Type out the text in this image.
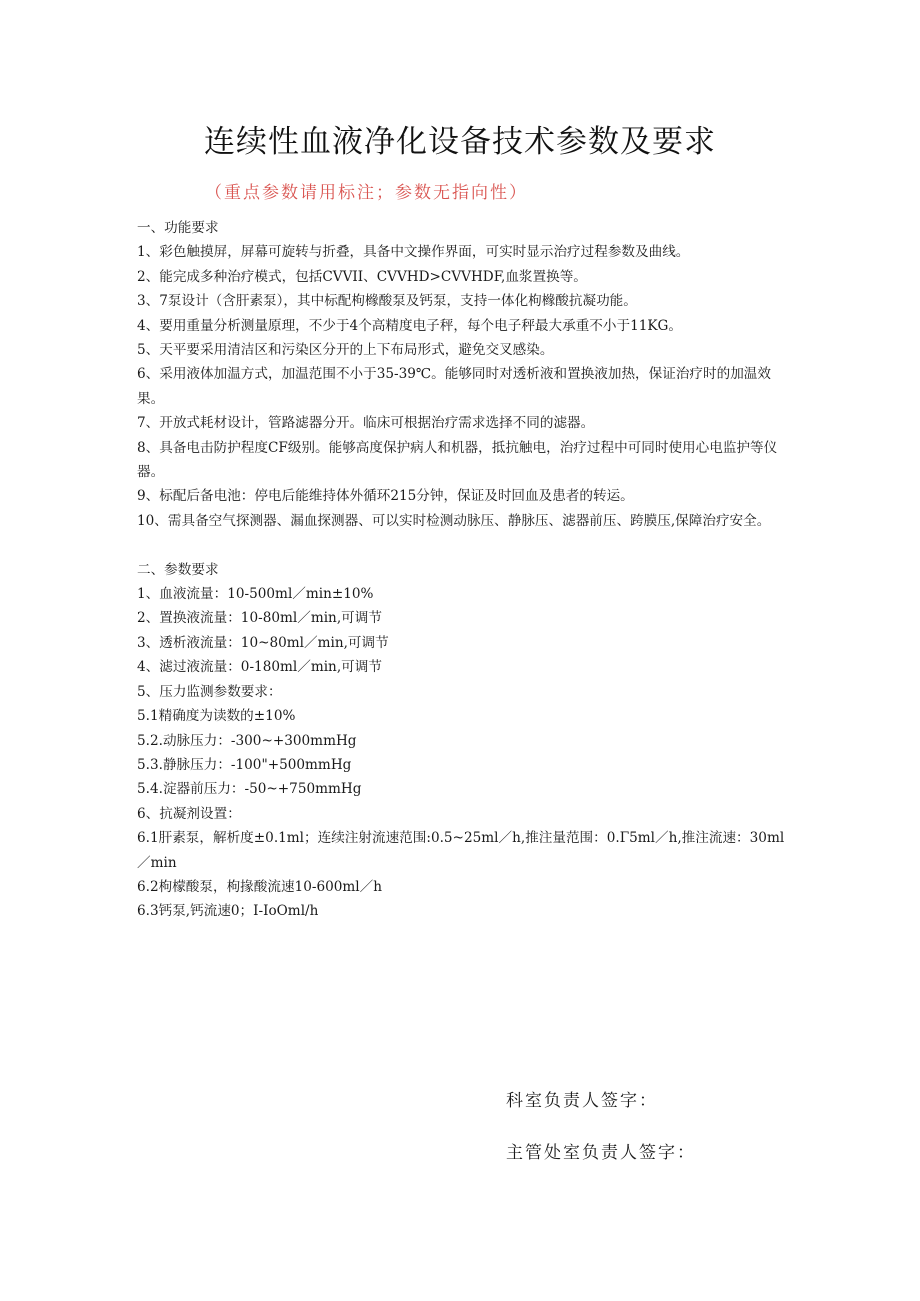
连续性血液净化设备技术参数及要求
（重点参数请用标注；参数无指向性）

一、功能要求

1、彩色触摸屏，屏幕可旋转与折叠，具备中文操作界面，可实时显示治疗过程参数及曲线。

2、能完成多种治疗模式，包括CVVII、CVVHD>CVVHDF,血浆置换等。

3、7泵设计（含肝素泵），其中标配枸橼酸泵及钙泵，支持一体化枸橼酸抗凝功能。

4、要用重量分析测量原理，不少于4个高精度电子秤，每个电子秤最大承重不小于11KG。

5、天平要采用清洁区和污染区分开的上下布局形式，避免交叉感染。

6、采用液体加温方式，加温范围不小于35-39℃。能够同时对透析液和置换液加热，保证治疗时的加温效果。

7、开放式耗材设计，管路滤器分开。临床可根据治疗需求选择不同的滤器。

8、具备电击防护程度CF级别。能够高度保护病人和机器，抵抗触电，治疗过程中可同时使用心电监护等仪器。

9、标配后备电池：停电后能维持体外循环215分钟，保证及时回血及患者的转运。

10、需具备空气探测器、漏血探测器、可以实时检测动脉压、静脉压、滤器前压、跨膜压,保障治疗安全。

二、参数要求

1、血液流量：10-500ml／min±10%

2、置换液流量：10-80ml／min,可调节

3、透析液流量：10~80ml／min,可调节

4、滤过液流量：0-180ml／min,可调节

5、压力监测参数要求：

5.1精确度为读数的±10%

5.2.动脉压力：-300~+300mmHg

5.3.静脉压力：-100"+500mmHg

5.4.淀器前压力：-50~+750mmHg

6、抗凝剂设置：

6.1肝素泵，解析度±0.1ml；连续注射流速范围:0.5~25ml／h,推注量范围：0.Γ5ml／h,推注流速：30ml／min

6.2枸檬酸泵，枸掾酸流速10-600ml／h

6.3钙泵,钙流速0；I-IoOml/h

科室负责人签字：
主管处室负责人签字：
